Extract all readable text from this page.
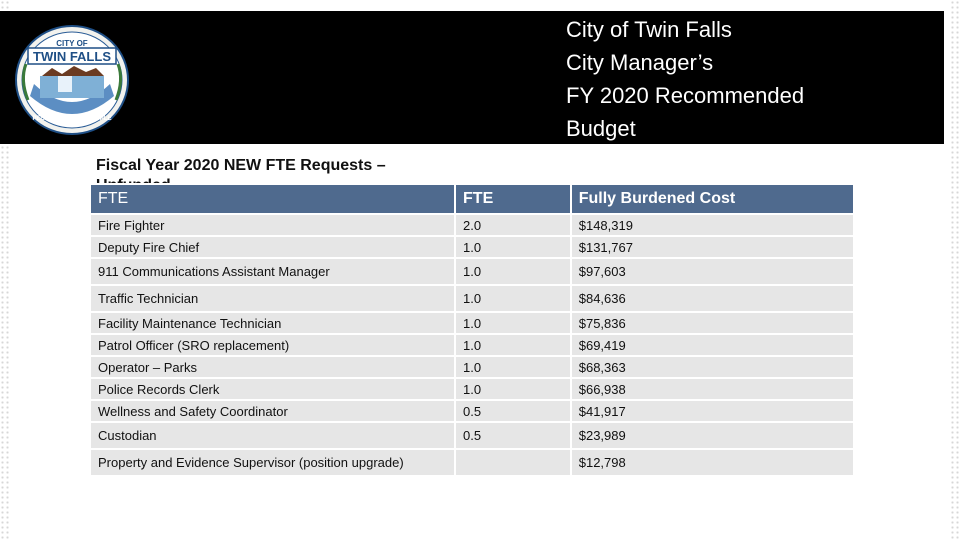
CITY OF
TWIN FALLS
PEOPLE SERVING PEOPLE
City of Twin Falls
City Manager’s
FY 2020 Recommended
Budget
Fiscal Year 2020 NEW FTE Requests –
FTE	FTE	Fully Burdened Cost
Fire Fighter	2.0	$148,319
Deputy Fire Chief	1.0	$131,767
911 Communications Assistant Manager	1.0	$97,603
Traffic Technician	1.0	$84,636
Facility Maintenance Technician	1.0	$75,836
Patrol Officer (SRO replacement)	1.0	$69,419
Operator – Parks	1.0	$68,363
Police Records Clerk	1.0	$66,938
Wellness and Safety Coordinator	0.5	$41,917
Custodian	0.5	$23,989
Property and Evidence Supervisor (position upgrade)		$12,798
